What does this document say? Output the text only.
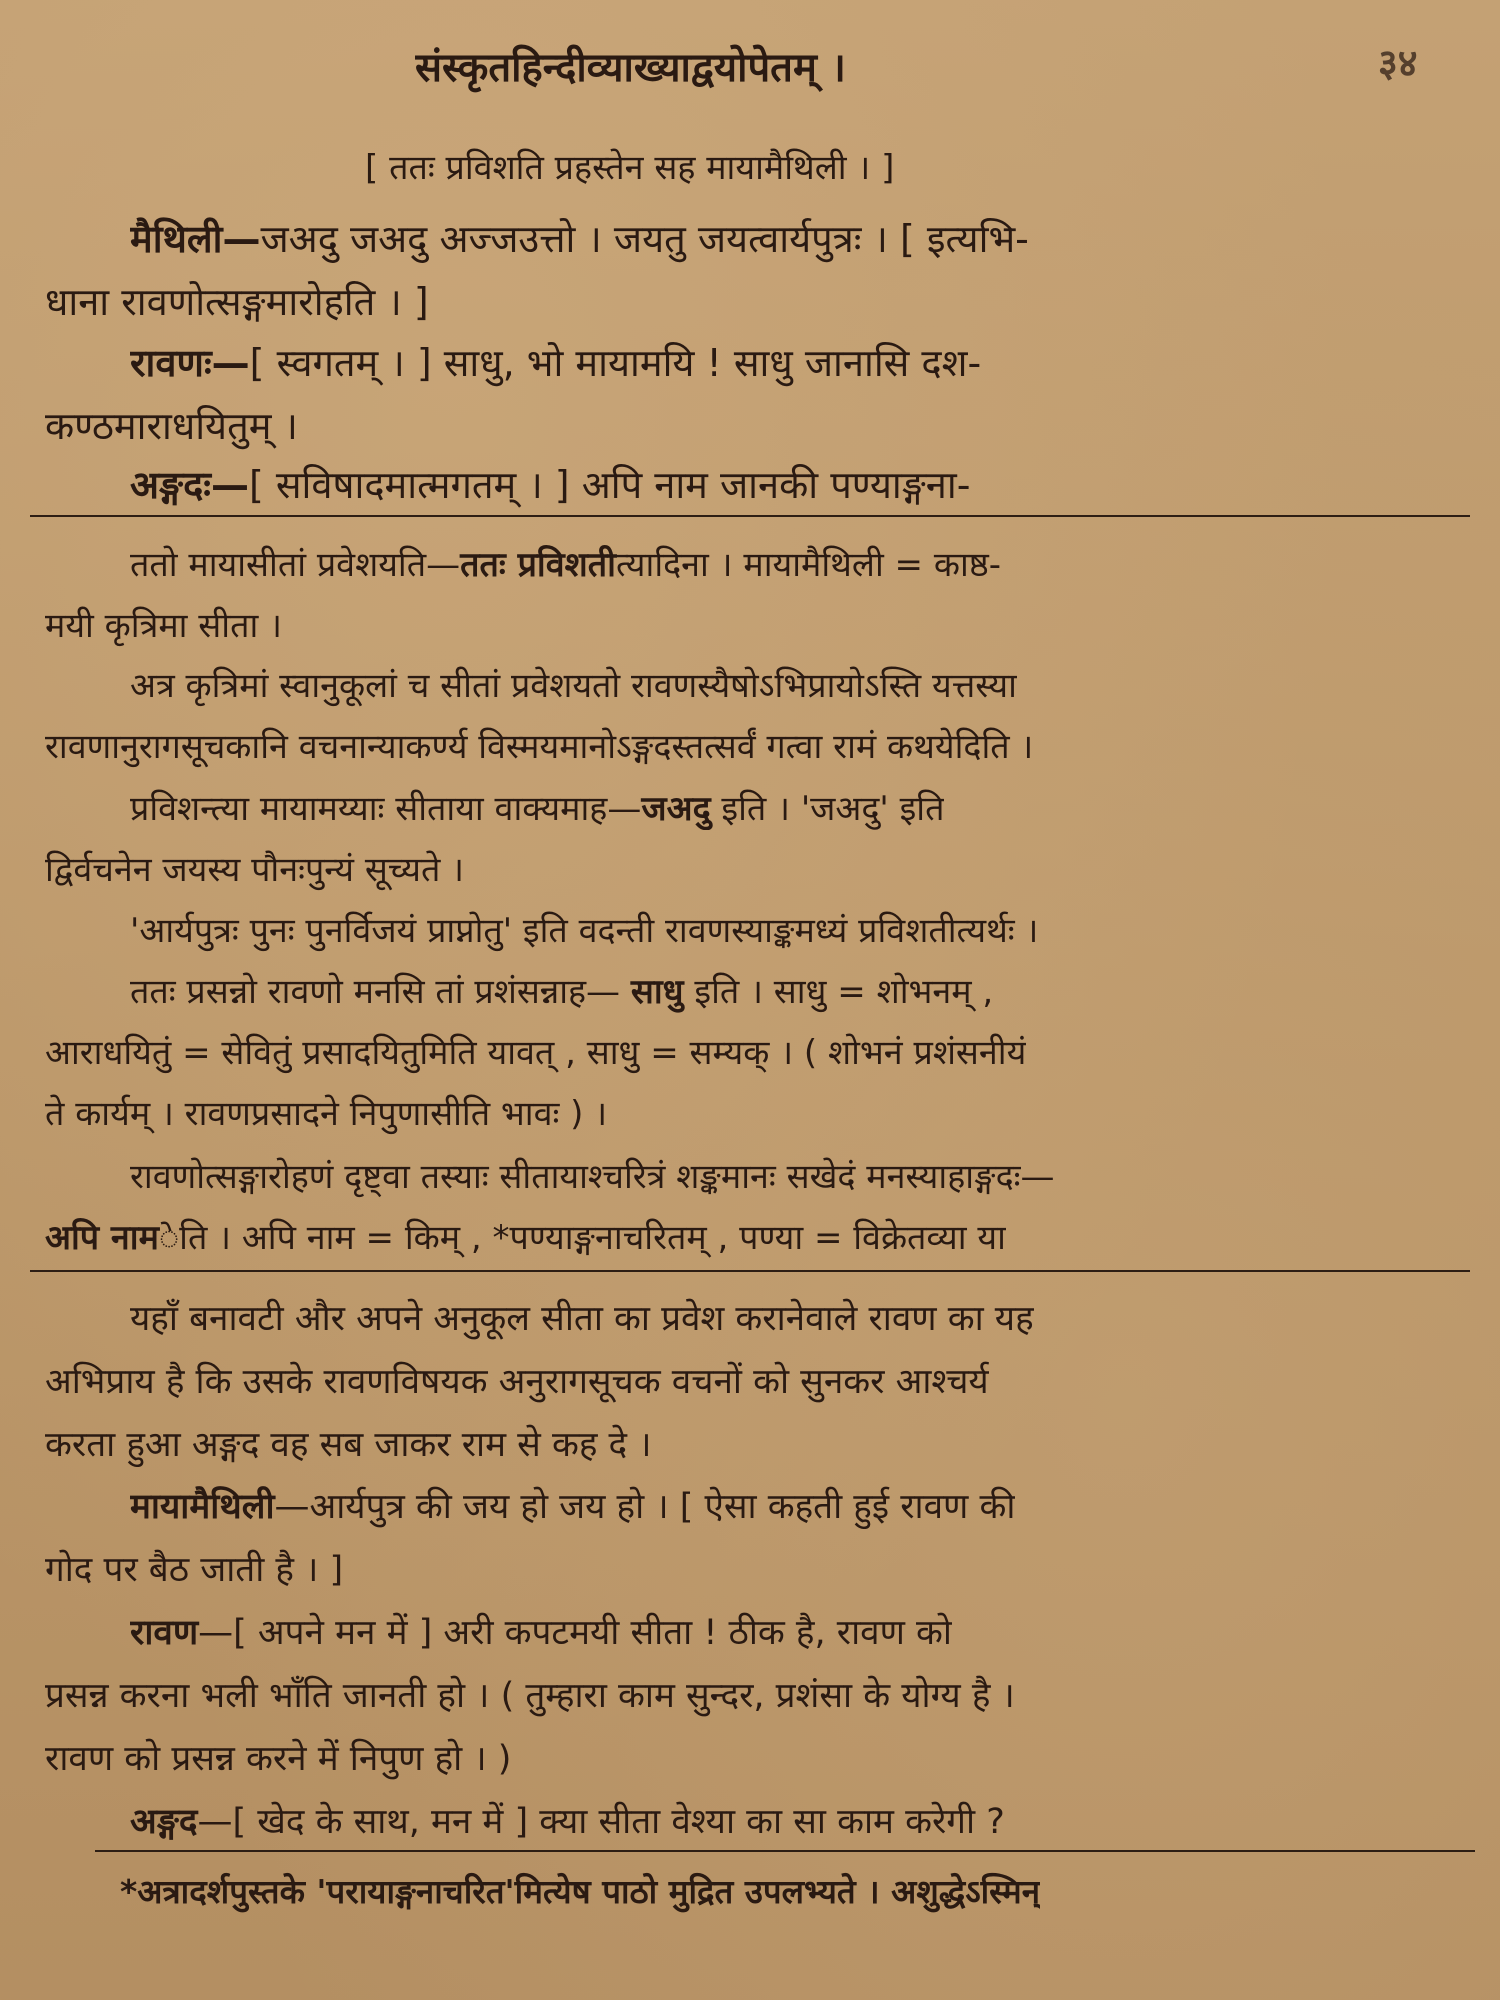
संस्कृतहिन्दीव्याख्याद्वयोपेतम् ।	३४
[ ततः प्रविशति प्रहस्तेन सह मायामैथिली । ]
मैथिली—जअदु जअदु अज्जउत्तो । जयतु जयत्वार्यपुत्रः । [ इत्यभि-
धाना रावणोत्सङ्गमारोहति । ]
रावणः—[ स्वगतम् । ] साधु, भो मायामयि ! साधु जानासि दश-
कण्ठमाराधयितुम् ।
अङ्गदः—[ सविषादमात्मगतम् । ] अपि नाम जानकी पण्याङ्गना-
ततो मायासीतां प्रवेशयति—ततः प्रविशतीत्यादिना । मायामैथिली = काष्ठ-
मयी कृत्रिमा सीता ।
अत्र कृत्रिमां स्वानुकूलां च सीतां प्रवेशयतो रावणस्यैषोऽभिप्रायोऽस्ति यत्तस्या
रावणानुरागसूचकानि वचनान्याकर्ण्य विस्मयमानोऽङ्गदस्तत्सर्वं गत्वा रामं कथयेदिति ।
प्रविशन्त्या मायामय्याः सीताया वाक्यमाह—जअदु इति । 'जअदु' इति
द्विर्वचनेन जयस्य पौनःपुन्यं सूच्यते ।
'आर्यपुत्रः पुनः पुनर्विजयं प्राप्नोतु' इति वदन्ती रावणस्याङ्कमध्यं प्रविशतीत्यर्थः ।
ततः प्रसन्नो रावणो मनसि तां प्रशंसन्नाह— साधु इति । साधु = शोभनम् ,
आराधयितुं = सेवितुं प्रसादयितुमिति यावत् , साधु = सम्यक् । ( शोभनं प्रशंसनीयं
ते कार्यम् । रावणप्रसादने निपुणासीति भावः ) ।
रावणोत्सङ्गारोहणं दृष्ट्वा तस्याः सीतायाश्चरित्रं शङ्कमानः सखेदं मनस्याहाङ्गदः—
अपि नामेति । अपि नाम = किम् , *पण्याङ्गनाचरितम् , पण्या = विक्रेतव्या या
यहाँ बनावटी और अपने अनुकूल सीता का प्रवेश करानेवाले रावण का यह
अभिप्राय है कि उसके रावणविषयक अनुरागसूचक वचनों को सुनकर आश्चर्य
करता हुआ अङ्गद वह सब जाकर राम से कह दे ।
मायामैथिली—आर्यपुत्र की जय हो जय हो । [ ऐसा कहती हुई रावण की
गोद पर बैठ जाती है । ]
रावण—[ अपने मन में ] अरी कपटमयी सीता ! ठीक है, रावण को
प्रसन्न करना भली भाँति जानती हो । ( तुम्हारा काम सुन्दर, प्रशंसा के योग्य है ।
रावण को प्रसन्न करने में निपुण हो । )
अङ्गद—[ खेद के साथ, मन में ] क्या सीता वेश्या का सा काम करेगी ?
*अत्रादर्शपुस्तके 'परायाङ्गनाचरित'मित्येष पाठो मुद्रित उपलभ्यते । अशुद्धेऽस्मिन्
